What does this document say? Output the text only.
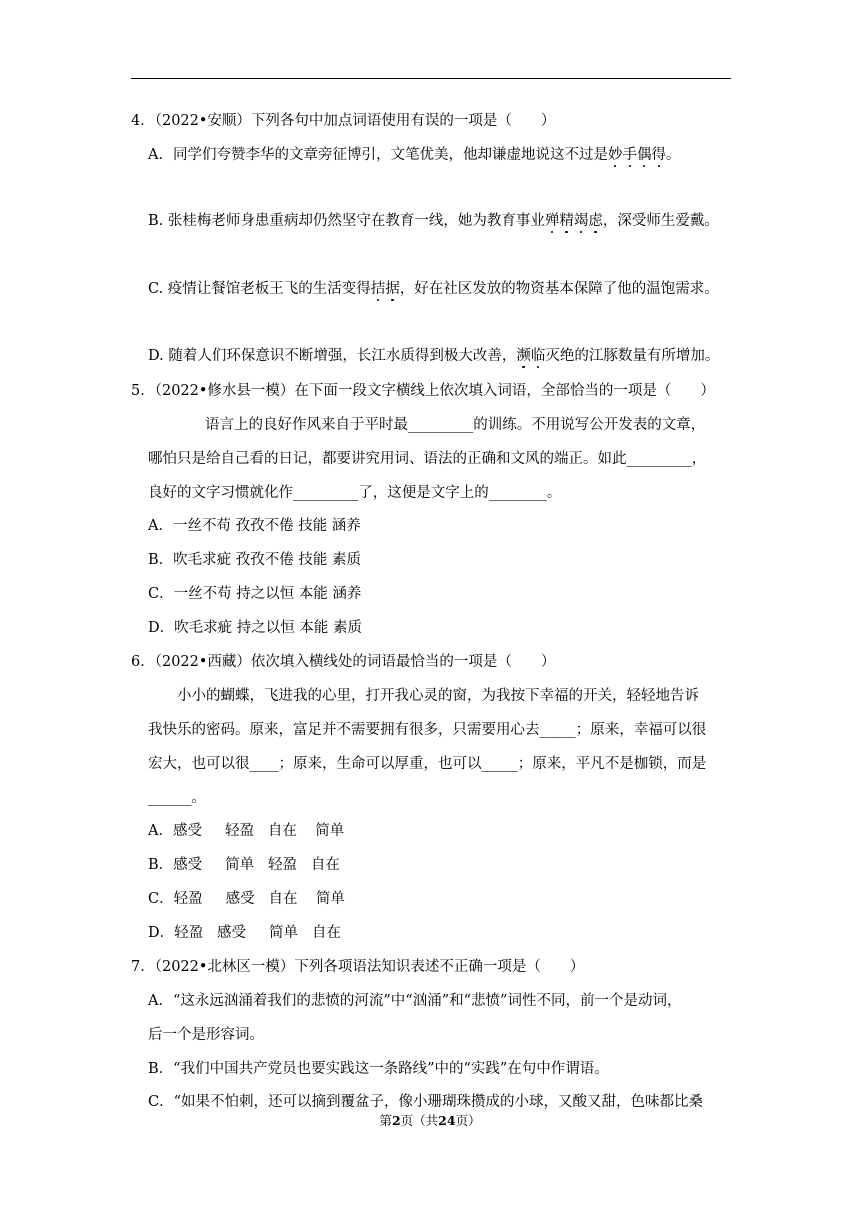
4．（2022•安顺）下列各句中加点词语使用有误的一项是（　　）
A．同学们夸赞李华的文章旁征博引，文笔优美，他却谦虚地说这不过是妙手偶得。
B. 张桂梅老师身患重病却仍然坚守在教育一线，她为教育事业殚精竭虑，深受师生爱戴。
C. 疫情让餐馆老板王飞的生活变得拮据，好在社区发放的物资基本保障了他的温饱需求。
D. 随着人们环保意识不断增强，长江水质得到极大改善，濒临灭绝的江豚数量有所增加。
5．（2022•修水县一模）在下面一段文字横线上依次填入词语，全部恰当的一项是（　　）
语言上的良好作风来自于平时最_________的训练。不用说写公开发表的文章，
哪怕只是给自己看的日记，都要讲究用词、语法的正确和文风的端正。如此_________，
良好的文字习惯就化作_________了，这便是文字上的________。
A．一丝不苟 孜孜不倦 技能 涵养
B．吹毛求疵 孜孜不倦 技能 素质
C．一丝不苟 持之以恒 本能 涵养
D．吹毛求疵 持之以恒 本能 素质
6．（2022•西藏）依次填入横线处的词语最恰当的一项是（　　）
小小的蝴蝶，飞进我的心里，打开我心灵的窗，为我按下幸福的开关，轻轻地告诉
我快乐的密码。原来，富足并不需要拥有很多，只需要用心去_____；原来，幸福可以很
宏大，也可以很____；原来，生命可以厚重，也可以_____；原来，平凡不是枷锁，而是
______。
A．感受     轻盈   自在    简单
B．感受     简单   轻盈   自在
C．轻盈     感受   自在    简单
D．轻盈   感受     简单   自在
7．（2022•北林区一模）下列各项语法知识表述不正确一项是（　　）
A．“这永远汹涌着我们的悲愤的河流”中“汹涌”和“悲愤”词性不同，前一个是动词，
后一个是形容词。
B．“我们中国共产党员也要实践这一条路线”中的“实践”在句中作谓语。
C．“如果不怕刺，还可以摘到覆盆子，像小珊瑚珠攒成的小球，又酸又甜，色味都比桑
第2页（共24页）
